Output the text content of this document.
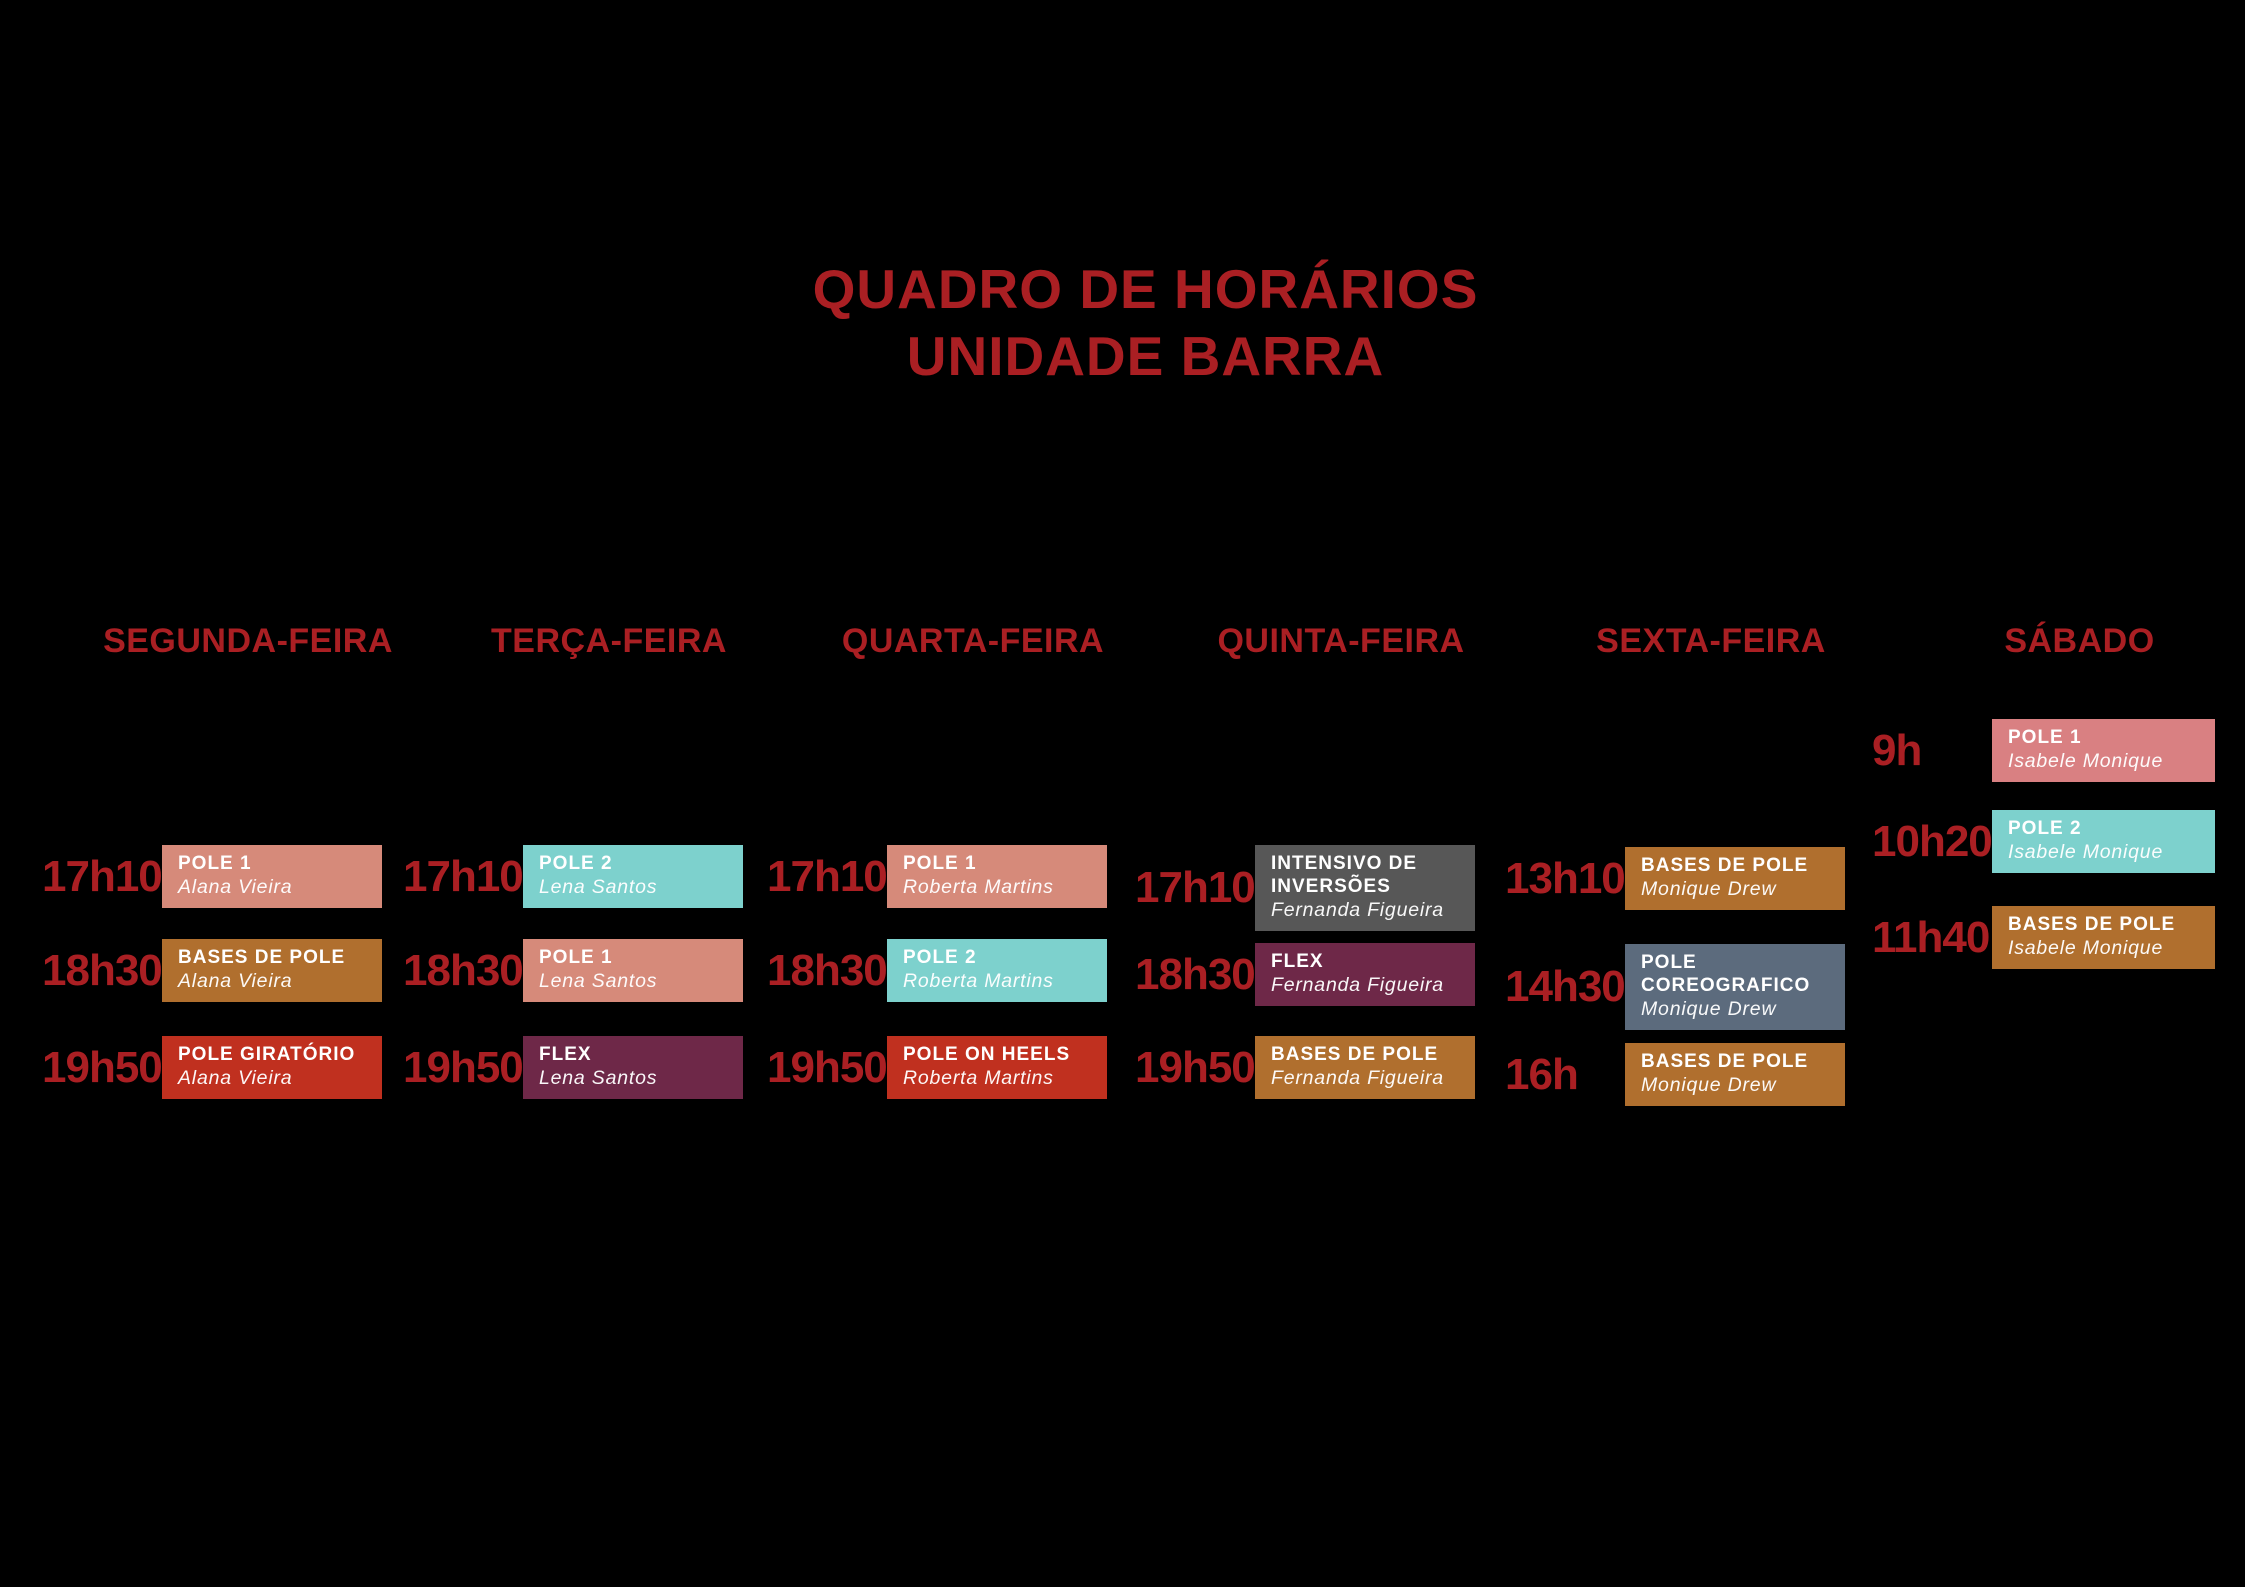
QUADRO DE HORÁRIOS
UNIDADE BARRA
SEGUNDA-FEIRA
17h10 POLE 1
Alana Vieira
18h30 BASES DE POLE
Alana Vieira
19h50 POLE GIRATÓRIO
Alana Vieira
TERÇA-FEIRA
17h10 POLE 2
Lena Santos
18h30 POLE 1
Lena Santos
19h50 FLEX
Lena Santos
QUARTA-FEIRA
17h10 POLE 1
Roberta Martins
18h30 POLE 2
Roberta Martins
19h50 POLE ON HEELS
Roberta Martins
QUINTA-FEIRA
17h10 INTENSIVO DE INVERSÕES
Fernanda Figueira
18h30 FLEX
Fernanda Figueira
19h50 BASES DE POLE
Fernanda Figueira
SEXTA-FEIRA
13h10 BASES DE POLE
Monique Drew
14h30 POLE COREOGRAFICO
Monique Drew
16h	BASES DE POLE
Monique Drew
SÁBADO
9h	POLE 1
Isabele Monique
10h20 POLE 2
Isabele Monique
11h40 BASES DE POLE
Isabele Monique
